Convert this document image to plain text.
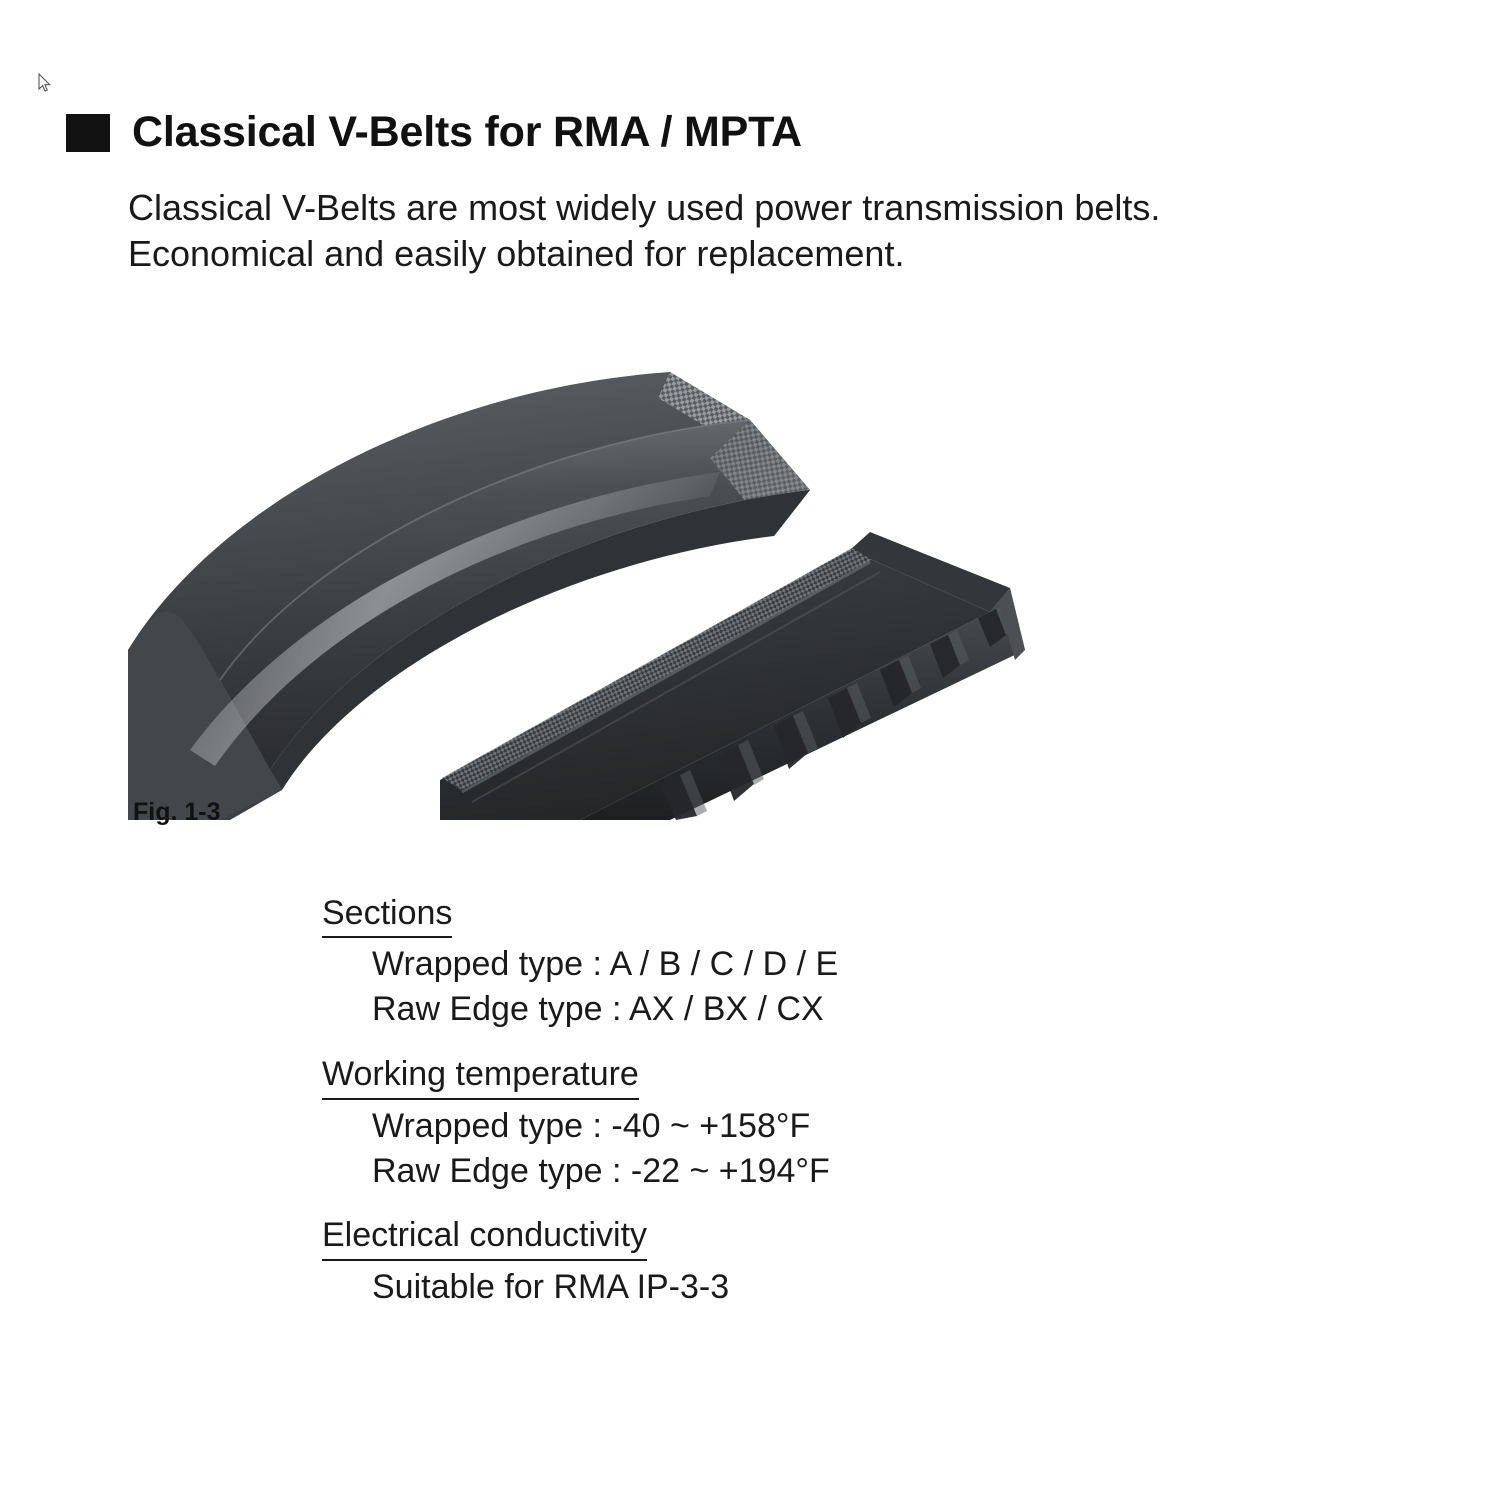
Classical V-Belts for RMA / MPTA
Classical V-Belts are most widely used power transmission belts.
Economical and easily obtained for replacement.
Fig. 1-3
Sections
Wrapped type : A / B / C / D / E
Raw Edge type : AX / BX / CX
Working temperature
Wrapped type : -40 ~ +158°F
Raw Edge type : -22 ~ +194°F
Electrical conductivity
Suitable for RMA IP-3-3
